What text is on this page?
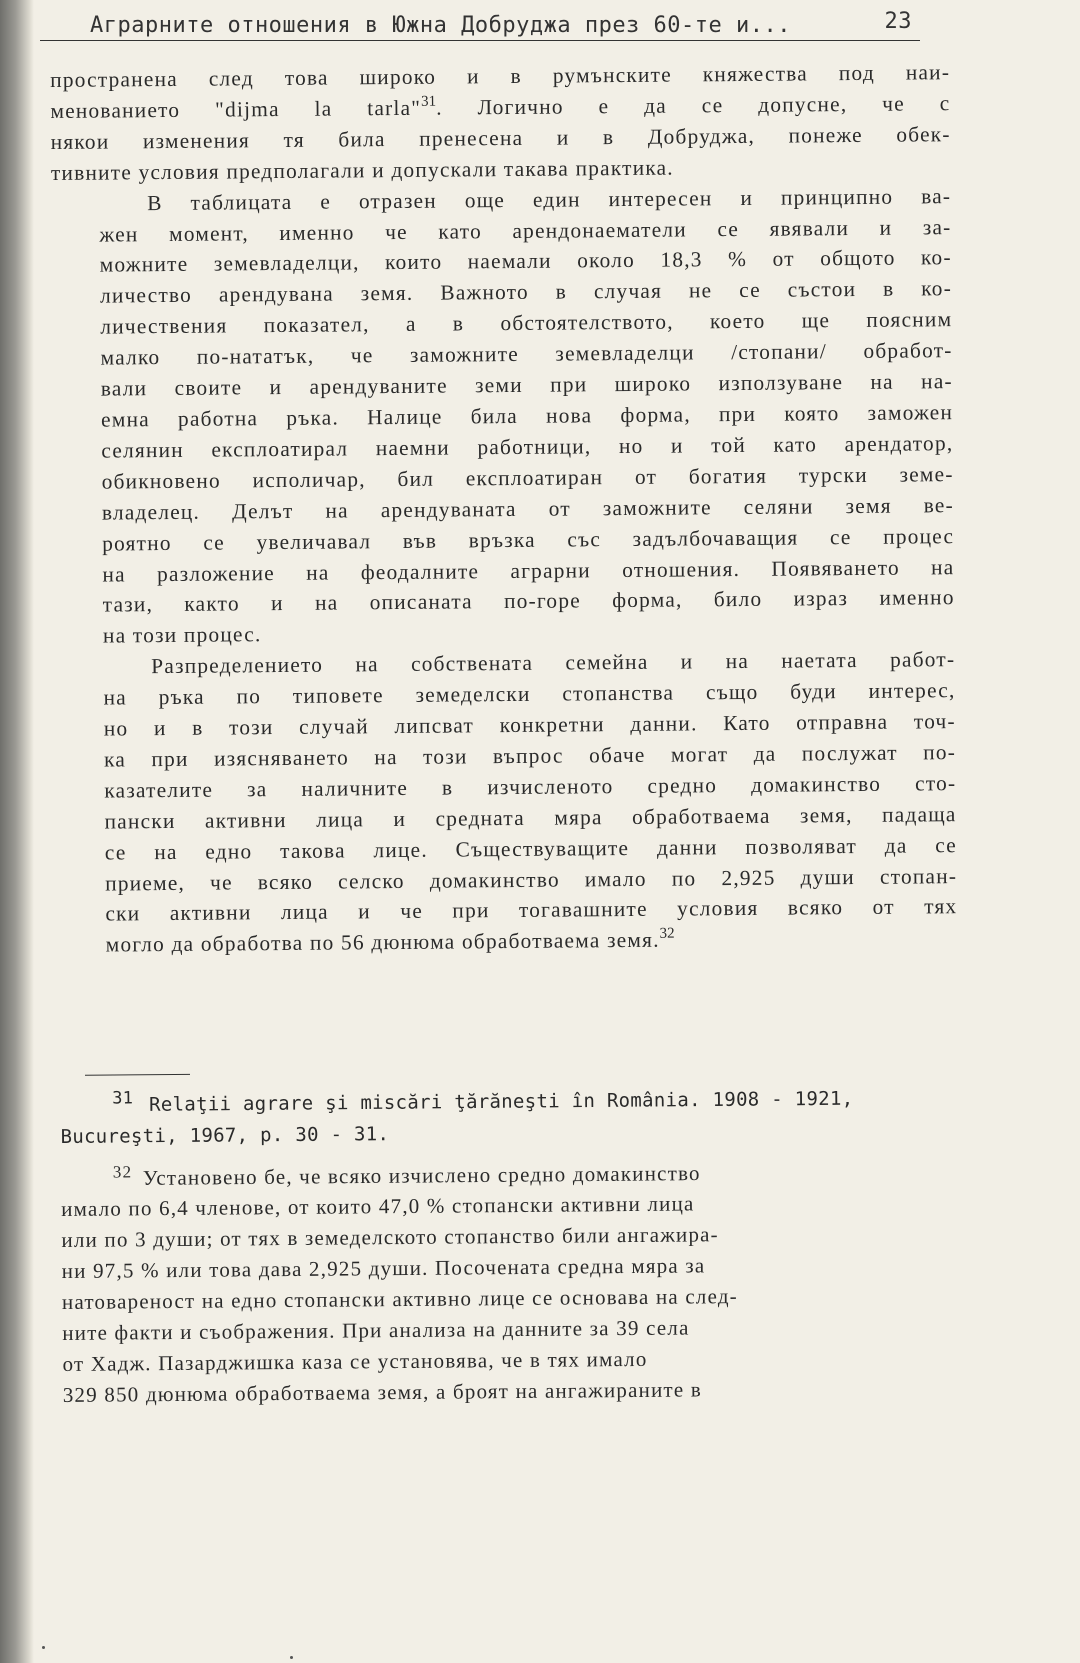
Аграрните отношения в Южна Добруджа през 60-те и...	23

пространена след това широко и в румънските княжества под наи-
менованието "dijma la tarla"$^{31}$. Логично е да се допусне, че с
някои изменения тя била пренесена и в Добруджа, понеже обек-
тивните условия предполагали и допускали такава практика.

В таблицата е отразен още един интересен и принципно ва-
жен момент, именно че като арендонаематели се явявали и за-
можните земевладелци, които наемали около 18,3 % от общото ко-
личество арендувана земя. Важното в случая не се състои в ко-
личествения показател, а в обстоятелството, което ще поясним
малко по-нататък, че заможните земевладелци /стопани/ обработ-
вали своите и арендуваните земи при широко използуване на на-
емна работна ръка. Налице била нова форма, при която заможен
селянин експлоатирал наемни работници, но и той като арендатор,
обикновено исполичар, бил експлоатиран от богатия турски земе-
владелец. Делът на арендуваната от заможните селяни земя ве-
роятно се увеличавал във връзка със задълбочаващия се процес
на разложение на феодалните аграрни отношения. Появяването на
тази, както и на описаната по-горе форма, било израз именно
на този процес.

Разпределението на собствената семейна и на наетата работ-
на ръка по типовете земеделски стопанства също буди интерес,
но и в този случай липсват конкретни данни. Като отправна точ-
ка при изясняването на този въпрос обаче могат да послужат по-
казателите за наличните в изчисленото средно домакинство сто-
пански активни лица и средната мяра обработваема земя, падаща
се на едно такова лице. Съществуващите данни позволяват да се
приеме, че всяко селско домакинство имало по 2,925 души стопан-
ски активни лица и че при тогавашните условия всяко от тях
могло да обработва по 56 дюнюма обработваема земя.$^{32}$

31 Relaţii agrare şi miscări ţărăneşti în România. 1908 - 1921,
Bucureşti, 1967, p. 30 - 31.
$^{32}$ Установено бе, че всяко изчислено средно домакинство
имало по 6,4 членове, от които 47,0 % стопански активни лица
или по 3 души; от тях в земеделското стопанство били ангажира-
ни 97,5 % или това дава 2,925 души. Посочената средна мяра за
натовареност на едно стопански активно лице се основава на след-
ните факти и съображения. При анализа на данните за 39 села
от Хадж. Пазарджишка каза се установява, че в тях имало
329 850 дюнюма обработваема земя, а броят на ангажираните в
